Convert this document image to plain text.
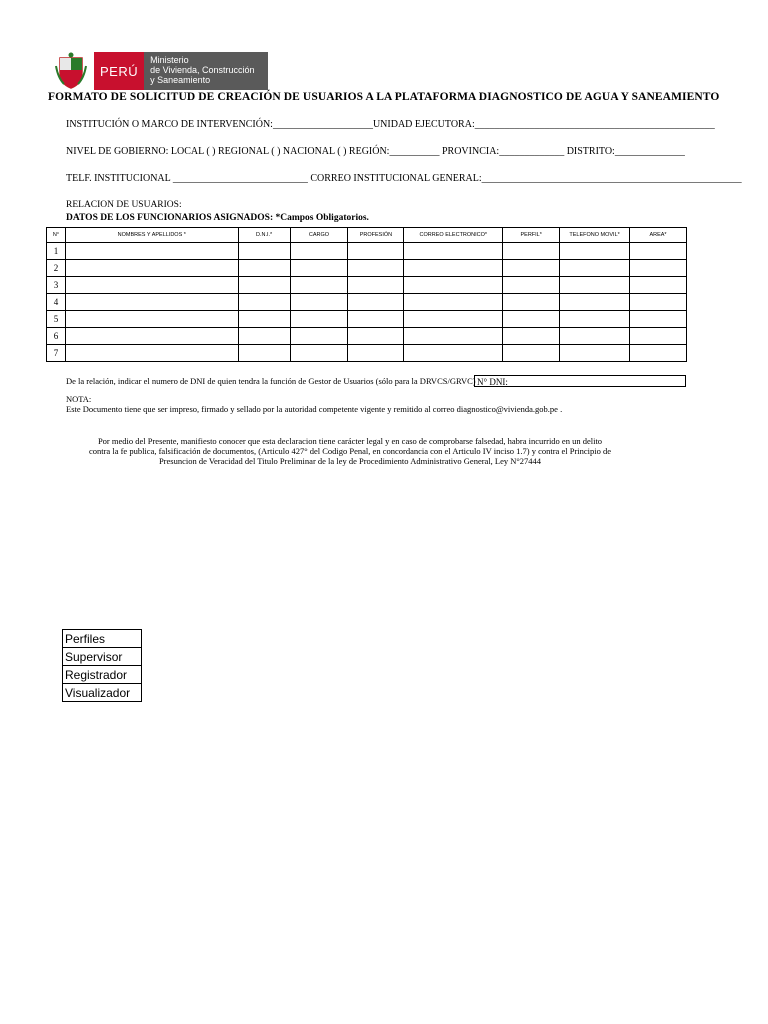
PERÚ
Ministerio
de Vivienda, Construcción
y Saneamiento
FORMATO DE SOLICITUD DE CREACIÓN DE USUARIOS A LA PLATAFORMA DIAGNOSTICO DE AGUA Y SANEAMIENTO
INSTITUCIÓN O MARCO DE INTERVENCIÓN:____________________UNIDAD EJECUTORA:________________________________________________
NIVEL DE GOBIERNO: LOCAL ( ) REGIONAL ( ) NACIONAL ( ) REGIÓN:__________ PROVINCIA:_____________ DISTRITO:______________
TELF. INSTITUCIONAL ___________________________ CORREO INSTITUCIONAL GENERAL:____________________________________________________
RELACION DE USUARIOS:
DATOS DE LOS FUNCIONARIOS ASIGNADOS: *Campos Obligatorios.
N°	NOMBRES Y APELLIDOS *	D.N.I.*	CARGO	PROFESIÓN	CORREO ELECTRONICO*	PERFIL*	TELEFONO MOVIL*	AREA*
1								
2								
3								
4								
5								
6								
7								
De la relación, indicar el numero de DNI de quien tendra la función de Gestor de Usuarios (sólo para la DRVCS/GRVC) N° DNI:
NOTA:
Este Documento tiene que ser impreso, firmado y sellado por la autoridad competente vigente y remitido al correo diagnostico@vivienda.gob.pe .
Por medio del Presente, manifiesto conocer que esta declaracion tiene carácter legal y en caso de comprobarse falsedad, habra incurrido en un delito
contra la fe publica, falsificación de documentos, (Articulo 427° del Codigo Penal, en concordancia con el Articulo IV inciso 1.7) y contra el Principio de
Presuncion de Veracidad del Titulo Preliminar de la ley de Procedimiento Administrativo General, Ley N°27444
Perfiles
Supervisor
Registrador
Visualizador
